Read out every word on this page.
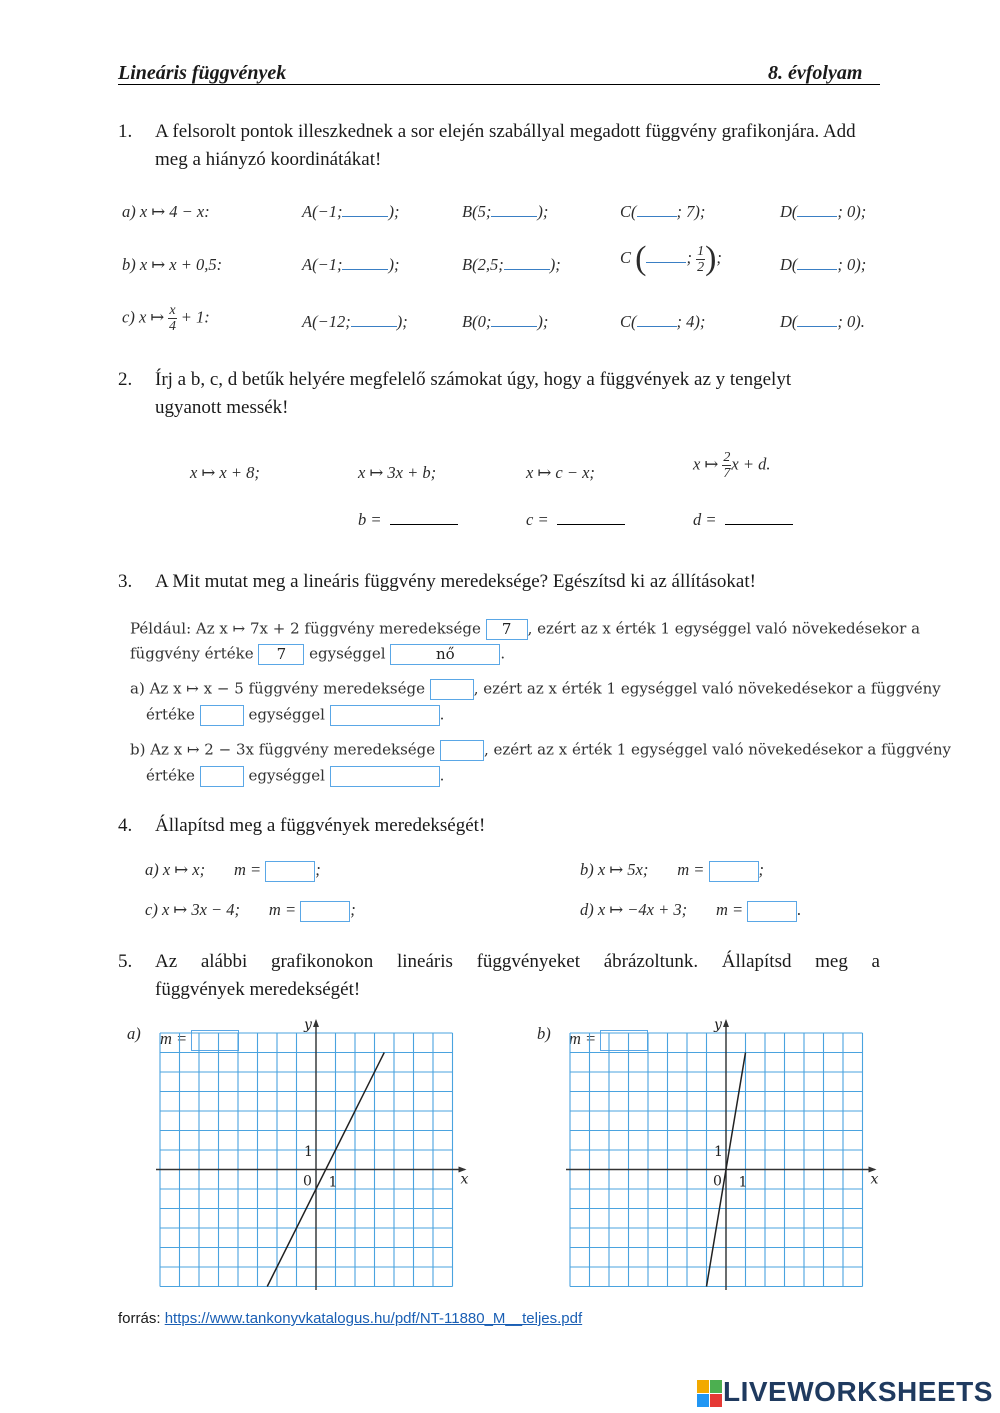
Lineáris függvények	8. évfolyam
1. A felsorolt pontok illeszkednek a sor elején szabállyal megadott függvény grafikonjára. Add meg a hiányzó koordinátákat!
a) x ↦ 4 − x:	A(−1;	);	B(5;	);	C( ; 7);	D( ; 0);
b) x ↦ x + 0,5:	A(−1;	);	B(2,5;	);	C ( ; $\frac{1}{2}$ );	D( ; 0);
c) x ↦ $\frac{x}{4} + 1$:	A(−12;	);	B(0;	);	C( ; 4);	D( ; 0).
2. Írj a b, c, d betűk helyére megfelelő számokat úgy, hogy a függvények az y tengelyt ugyanott messék!
x ↦ x + 8;	x ↦ 3x + b;	x ↦ c − x;	x ↦ $\frac{2}{7}$ x + d.
b =	c =	d =
3. A Mit mutat meg a lineáris függvény meredeksége? Egészítsd ki az állításokat!
Például: Az x ↦ 7x + 2 függvény meredeksége 7 , ezért az x érték 1 egységgel való növekedésekor a
függvény értéke 7 egységgel	nő	.
a) Az x ↦ x − 5 függvény meredeksége	, ezért az x érték 1 egységgel való növekedésekor a függvény
értéke	egységgel	.
b) Az x ↦ 2 − 3x függvény meredeksége	, ezért az x érték 1 egységgel való növekedésekor a függvény
értéke	egységgel	.
4. Állapítsd meg a függvények meredekségét!
a) x ↦ x; m =	;	b) x ↦ 5x; m =	;
c) x ↦ 3x − 4; m =	;	d) x ↦ −4x + 3; m =	.
5. Az alábbi grafikonokon lineáris függvényeket ábrázoltunk. Állapítsd meg a
függvények meredekségét!
a) m =
x
y
0 1
1
b) m =
x
y
0 1
1
forrás: https://www.tankonyvkatalogus.hu/pdf/NT-11880_M__teljes.pdf
LIVEWORKSHEETS
